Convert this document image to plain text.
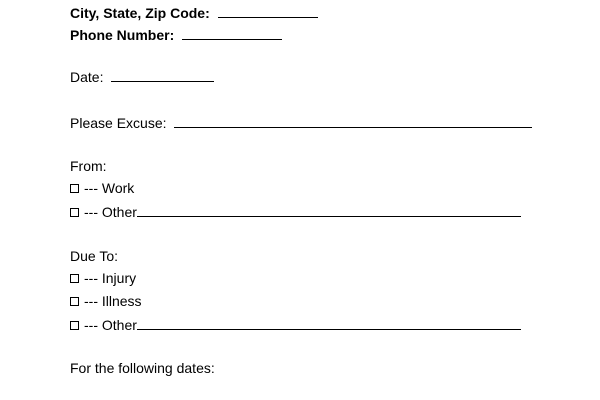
City, State, Zip Code:
Phone Number:
Date:
Please Excuse:
From:
--- Work
--- Other
Due To:
--- Injury
--- Illness
--- Other
For the following dates:
